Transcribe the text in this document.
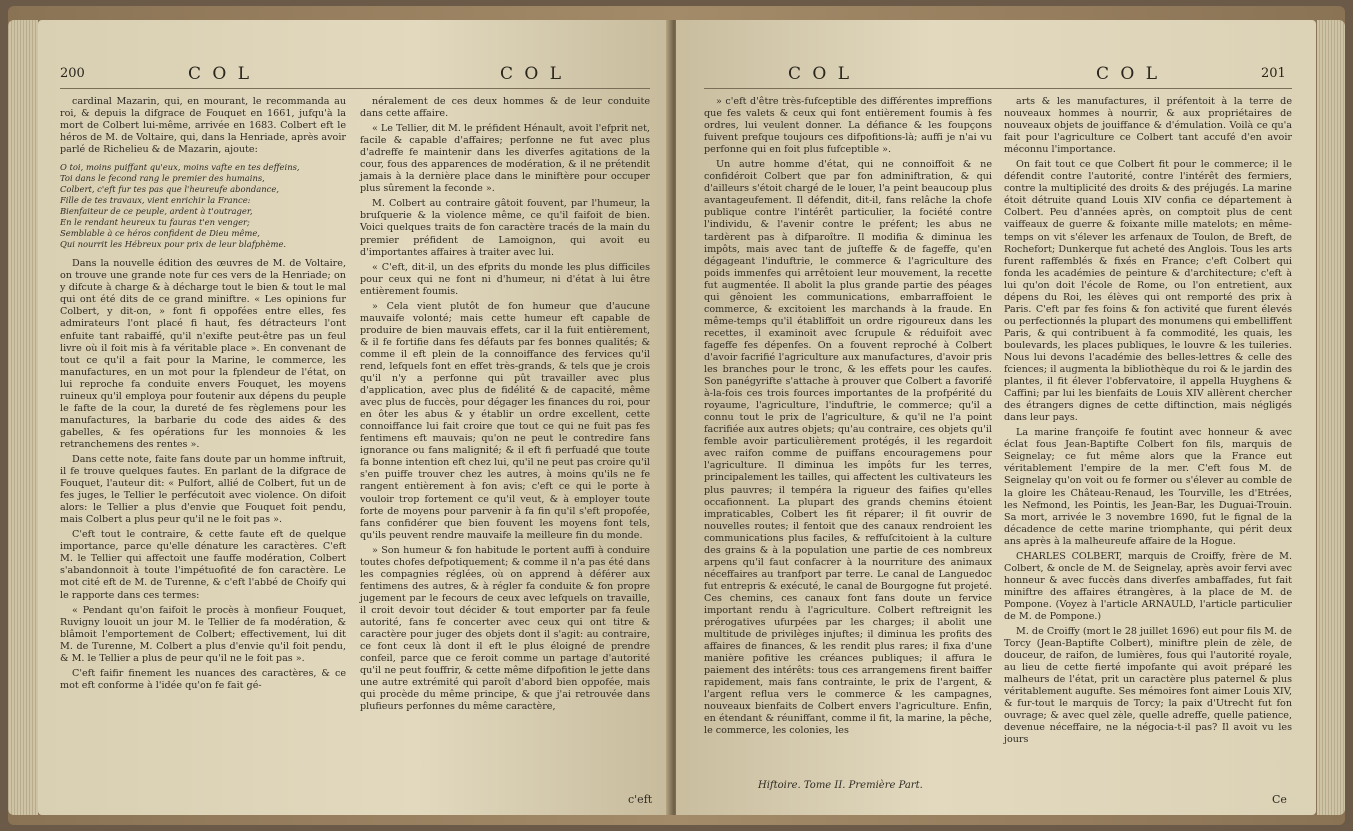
200	C O L	C O L

cardinal Mazarin, qui, en mourant, le recommanda au roi, & depuis la difgrace de Fouquet en 1661, jufqu'à la mort de Colbert lui-même, arrivée en 1683. Colbert eft le héros de M. de Voltaire, qui, dans la Henriade, après avoir parlé de Richelieu & de Mazarin, ajoute:

O toi, moins puiffant qu'eux, moins vafte en tes deffeins,
Toi dans le fecond rang le premier des humains,
Colbert, c'eft fur tes pas que l'heureufe abondance,
Fille de tes travaux, vient enrichir la France:
Bienfaiteur de ce peuple, ardent à t'outrager,
En le rendant heureux tu fauras t'en venger;
Semblable à ce héros confident de Dieu même,
Qui nourrit les Hébreux pour prix de leur blafphème.

Dans la nouvelle édition des œuvres de M. de Voltaire, on trouve une grande note fur ces vers de la Henriade; on y difcute à charge & à décharge tout le bien & tout le mal qui ont été dits de ce grand miniftre. « Les opinions fur Colbert, y dit-on, » font fi oppofées entre elles, fes admirateurs l'ont placé fi haut, fes détracteurs l'ont enfuite tant rabaiffé, qu'il n'exifte peut-être pas un feul livre où il foit mis à fa véritable place ». En convenant de tout ce qu'il a fait pour la Marine, le commerce, les manufactures, en un mot pour la fplendeur de l'état, on lui reproche fa conduite envers Fouquet, les moyens ruineux qu'il employa pour foutenir aux dépens du peuple le fafte de la cour, la dureté de fes règlemens pour les manufactures, la barbarie du code des aides & des gabelles, & fes opérations fur les monnoies & les retranchemens des rentes ».

Dans cette note, faite fans doute par un homme inftruit, il fe trouve quelques fautes. En parlant de la difgrace de Fouquet, l'auteur dit: « Pulfort, allié de Colbert, fut un de fes juges, le Tellier le perfécutoit avec violence. On difoit alors: le Tellier a plus d'envie que Fouquet foit pendu, mais Colbert a plus peur qu'il ne le foit pas ».

C'eft tout le contraire, & cette faute eft de quelque importance, parce qu'elle dénature les caractères. C'eft M. le Tellier qui affectoit une fauffe modération, Colbert s'abandonnoit à toute l'impétuofité de fon caractère. Le mot cité eft de M. de Turenne, & c'eft l'abbé de Choify qui le rapporte dans ces termes:

« Pendant qu'on faifoit le procès à monfieur Fouquet, Ruvigny louoit un jour M. le Tellier de fa modération, & blâmoit l'emportement de Colbert; effectivement, lui dit M. de Turenne, M. Colbert a plus d'envie qu'il foit pendu, & M. le Tellier a plus de peur qu'il ne le foit pas ».

C'eft faifir finement les nuances des caractères, & ce mot eft conforme à l'idée qu'on fe fait gé-

néralement de ces deux hommes & de leur conduite dans cette affaire.

« Le Tellier, dit M. le préfident Hénault, avoit l'efprit net, facile & capable d'affaires; perfonne ne fut avec plus d'adreffe fe maintenir dans les diverfes agitations de la cour, fous des apparences de modération, & il ne prétendit jamais à la dernière place dans le miniftère pour occuper plus sûrement la feconde ».

M. Colbert au contraire gâtoit fouvent, par l'humeur, la bruſquerie & la violence même, ce qu'il faifoit de bien. Voici quelques traits de fon caractère tracés de la main du premier préfident de Lamoignon, qui avoit eu d'importantes affaires à traiter avec lui.

« C'eft, dit-il, un des efprits du monde les plus difficiles pour ceux qui ne font ni d'humeur, ni d'état à lui être entièrement foumis.

» Cela vient plutôt de fon humeur que d'aucune mauvaife volonté; mais cette humeur eft capable de produire de bien mauvais effets, car il la fuit entièrement, & il fe fortifie dans fes défauts par fes bonnes qualités; & comme il eft plein de la connoiffance des fervices qu'il rend, lefquels font en effet très-grands, & tels que je crois qu'il n'y a perfonne qui pût travailler avec plus d'application, avec plus de fidélité & de capacité, même avec plus de fuccès, pour dégager les finances du roi, pour en ôter les abus & y établir un ordre excellent, cette connoiffance lui fait croire que tout ce qui ne fuit pas fes fentimens eft mauvais; qu'on ne peut le contredire fans ignorance ou fans malignité; & il eft fi perfuadé que toute fa bonne intention eft chez lui, qu'il ne peut pas croire qu'il s'en puiffe trouver chez les autres, à moins qu'ils ne fe rangent entièrement à fon avis; c'eft ce qui le porte à vouloir trop fortement ce qu'il veut, & à employer toute forte de moyens pour parvenir à fa fin qu'il s'eft propofée, fans confidérer que bien fouvent les moyens font tels, qu'ils peuvent rendre mauvaife la meilleure fin du monde.

» Son humeur & fon habitude le portent auffi à conduire toutes chofes defpotiquement; & comme il n'a pas été dans les compagnies réglées, où on apprend à déférer aux fentimens des autres, & à régler fa conduite & fon propre jugement par le fecours de ceux avec lefquels on travaille, il croit devoir tout décider & tout emporter par fa feule autorité, fans fe concerter avec ceux qui ont titre & caractère pour juger des objets dont il s'agit: au contraire, ce font ceux là dont il eft le plus éloigné de prendre confeil, parce que ce feroit comme un partage d'autorité qu'il ne peut fouffrir, & cette même difpofition le jette dans une autre extrémité qui paroît d'abord bien oppofée, mais qui procède du même principe, & que j'ai retrouvée dans plufieurs perfonnes du même caractère,

c'eft
C O L	C O L	201

» c'eft d'être très-fufceptible des différentes impreffions que fes valets & ceux qui font entièrement foumis à fes ordres, lui veulent donner. La défiance & les foupçons fuivent prefque toujours ces difpofitions-là; auffi je n'ai vu perfonne qui en foit plus fufceptible ».

Un autre homme d'état, qui ne connoiffoit & ne confidéroit Colbert que par fon adminiftration, & qui d'ailleurs s'étoit chargé de le louer, l'a peint beaucoup plus avantageufement. Il défendit, dit-il, fans relâche la chofe publique contre l'intérêt particulier, la fociété contre l'individu, & l'avenir contre le préfent; les abus ne tardèrent pas à difparoître. Il modifia & diminua les impôts, mais avec tant de juſteffe & de fageffe, qu'en dégageant l'induftrie, le commerce & l'agriculture des poids immenfes qui arrêtoient leur mouvement, la recette fut augmentée. Il abolit la plus grande partie des péages qui gênoient les communications, embarraffoient le commerce, & excitoient les marchands à la fraude. En même-temps qu'il établiffoit un ordre rigoureux dans les recettes, il examinoit avec ſcrupule & réduifoit avec fageffe fes dépenfes. On a fouvent reproché à Colbert d'avoir facrifié l'agriculture aux manufactures, d'avoir pris les branches pour le tronc, & les effets pour les caufes. Son panégyrifte s'attache à prouver que Colbert a favorifé à-la-fois ces trois fources importantes de la profpérité du royaume, l'agriculture, l'induftrie, le commerce; qu'il a connu tout le prix de l'agriculture, & qu'il ne l'a point facrifiée aux autres objets; qu'au contraire, ces objets qu'il femble avoir particulièrement protégés, il les regardoit avec raifon comme de puiffans encouragemens pour l'agriculture. Il diminua les impôts fur les terres, principalement les tailles, qui affectent les cultivateurs les plus pauvres; il tempéra la rigueur des faifies qu'elles occafionnent. La plupart des grands chemins étoient impraticables, Colbert les fit réparer; il fit ouvrir de nouvelles routes; il fentoit que des canaux rendroient les communications plus faciles, & reffuſcitoient à la culture des grains & à la population une partie de ces nombreux arpens qu'il faut confacrer à la nourriture des animaux néceffaires au tranfport par terre. Le canal de Languedoc fut entrepris & exécuté, le canal de Bourgogne fut projeté. Ces chemins, ces canaux font fans doute un fervice important rendu à l'agriculture. Colbert reftreignit les prérogatives ufurpées par les charges; il abolit une multitude de privilèges injuftes; il diminua les profits des affaires de finances, & les rendit plus rares; il fixa d'une manière pofitive les créances publiques; il affura le paiement des intérêts: tous ces arrangemens firent baiffer rapidement, mais fans contrainte, le prix de l'argent, & l'argent reflua vers le commerce & les campagnes, nouveaux bienfaits de Colbert envers l'agriculture. Enfin, en étendant & réuniffant, comme il fit, la marine, la pêche, le commerce, les colonies, les

Hiftoire. Tome II. Première Part.

arts & les manufactures, il préfentoit à la terre de nouveaux hommes à nourrir, & aux propriétaires de nouveaux objets de jouiffance & d'émulation. Voilà ce qu'a fait pour l'agriculture ce Colbert tant accufé d'en avoir méconnu l'importance.

On fait tout ce que Colbert fit pour le commerce; il le défendit contre l'autorité, contre l'intérêt des fermiers, contre la multiplicité des droits & des préjugés. La marine étoit détruite quand Louis XIV confia ce département à Colbert. Peu d'années après, on comptoit plus de cent vaiffeaux de guerre & foixante mille matelots; en même-temps on vit s'élever les arfenaux de Toulon, de Breft, de Rochefort; Dunkerque fut acheté des Anglois. Tous les arts furent raffemblés & fixés en France; c'eft Colbert qui fonda les académies de peinture & d'architecture; c'eft à lui qu'on doit l'école de Rome, ou l'on entretient, aux dépens du Roi, les élèves qui ont remporté des prix à Paris. C'eft par fes foins & fon activité que furent élevés ou perfectionnés la plupart des monumens qui embelliffent Paris, & qui contribuent à fa commodité, les quais, les boulevards, les places publiques, le louvre & les tuileries. Nous lui devons l'académie des belles-lettres & celle des fciences; il augmenta la bibliothèque du roi & le jardin des plantes, il fit élever l'obfervatoire, il appella Huyghens & Caffini; par lui les bienfaits de Louis XIV allèrent chercher des étrangers dignes de cette diftinction, mais négligés dans leur pays.

La marine françoife fe foutint avec honneur & avec éclat fous Jean-Baptifte Colbert fon fils, marquis de Seignelay; ce fut même alors que la France eut véritablement l'empire de la mer. C'eft fous M. de Seignelay qu'on voit ou fe former ou s'élever au comble de la gloire les Château-Renaud, les Tourville, les d'Etrées, les Nefmond, les Pointis, les Jean-Bar, les Duguai-Trouin. Sa mort, arrivée le 3 novembre 1690, fut le fignal de la décadence de cette marine triomphante, qui périt deux ans après à la malheureufe affaire de la Hogue.

CHARLES COLBERT, marquis de Croiffy, frère de M. Colbert, & oncle de M. de Seignelay, après avoir fervi avec honneur & avec fuccès dans diverfes ambaffades, fut fait miniftre des affaires étrangères, à la place de M. de Pompone. (Voyez à l'article ARNAULD, l'article particulier de M. de Pompone.)

M. de Croiffy (mort le 28 juillet 1696) eut pour fils M. de Torcy (Jean-Baptifte Colbert), miniftre plein de zèle, de douceur, de raifon, de lumières, fous qui l'autorité royale, au lieu de cette fierté impofante qui avoit préparé les malheurs de l'état, prit un caractère plus paternel & plus véritablement augufte. Ses mémoires font aimer Louis XIV, & fur-tout le marquis de Torcy; la paix d'Utrecht fut fon ouvrage; & avec quel zèle, quelle adreffe, quelle patience, devenue néceffaire, ne la négocia-t-il pas? Il avoit vu les jours

Ce
